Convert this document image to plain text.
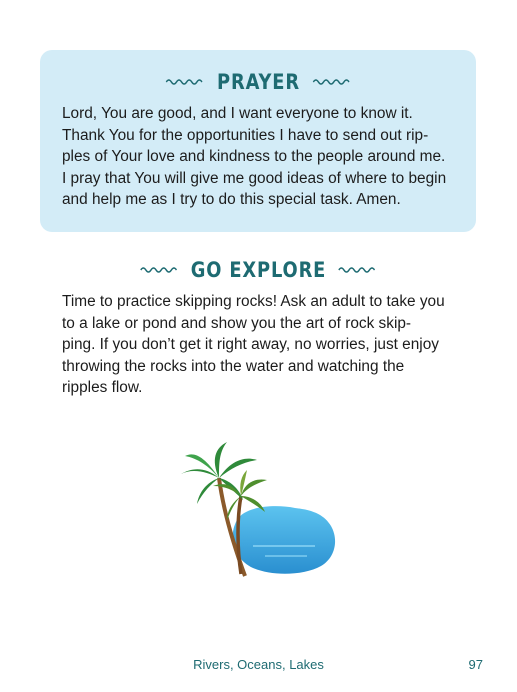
PRAYER
Lord, You are good, and I want everyone to know it.
Thank You for the opportunities I have to send out rip-
ples of Your love and kindness to the people around me.
I pray that You will give me good ideas of where to begin
and help me as I try to do this special task. Amen.
GO EXPLORE
Time to practice skipping rocks! Ask an adult to take you
to a lake or pond and show you the art of rock skip-
ping. If you don’t get it right away, no worries, just enjoy
throwing the rocks into the water and watching the
ripples flow.
Rivers, Oceans, Lakes	97
